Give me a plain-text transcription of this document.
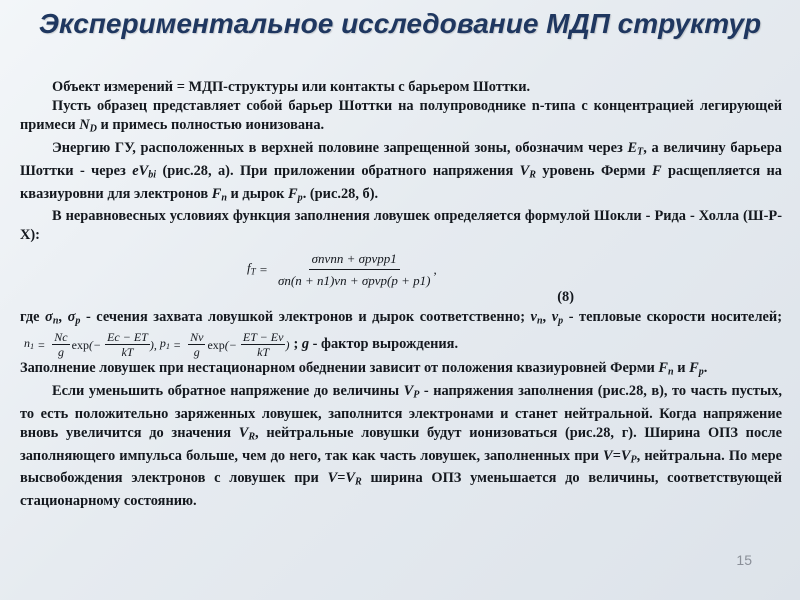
Экспериментальное исследование МДП структур

Объект измерений = МДП-структуры или контакты с барьером Шоттки.

Пусть образец представляет собой барьер Шоттки на полупроводнике n-типа с концентрацией легирующей примеси $N_D$ и примесь полностью ионизована.

Энергию ГУ, расположенных в верхней половине запрещенной зоны, обозначим через $E_T$, а величину барьера Шоттки - через $eV_{bi}$ (рис.28, а). При приложении обратного напряжения $V_R$ уровень Ферми F расщепляется на квазиуровни для электронов $F_n$ и дырок $F_p$. (рис.28, б).

В неравновесных условиях функция заполнения ловушек определяется формулой Шокли - Рида - Холла (Ш-Р-Х):

$f_T = \frac{\text{σnvnn + σpvpp1}}{\text{σn(n + n1)vn + σpvp(p + p1)}}$ ,
(8)

где $\sigma_n$, $\sigma_p$ - сечения захвата ловушкой электронов и дырок соответственно; $v_n$, $v_p$ - тепловые скорости носителей;
$n_1 = \frac{Nc}{g}$ exp (− $\frac{Ec - ET}{kT}$ ) , $p_1 = \frac{Nv}{g}$ exp (− $\frac{ET - Ev}{kT}$ ) ; g - фактор вырождения.

Заполнение ловушек при нестационарном обеднении зависит от положения квазиуровней Ферми $F_n$ и $F_p$.

Если уменьшить обратное напряжение до величины $V_P$ - напряжения заполнения (рис.28, в), то часть пустых, то есть положительно заряженных ловушек, заполнится электронами и станет нейтральной. Когда напряжение вновь увеличится до значения $V_R$, нейтральные ловушки будут ионизоваться (рис.28, г). Ширина ОПЗ после заполняющего импульса больше, чем до него, так как часть ловушек, заполненных при $V=V_P$, нейтральна. По мере высвобождения электронов с ловушек при $V=V_R$ ширина ОПЗ уменьшается до величины, соответствующей стационарному состоянию.

15
